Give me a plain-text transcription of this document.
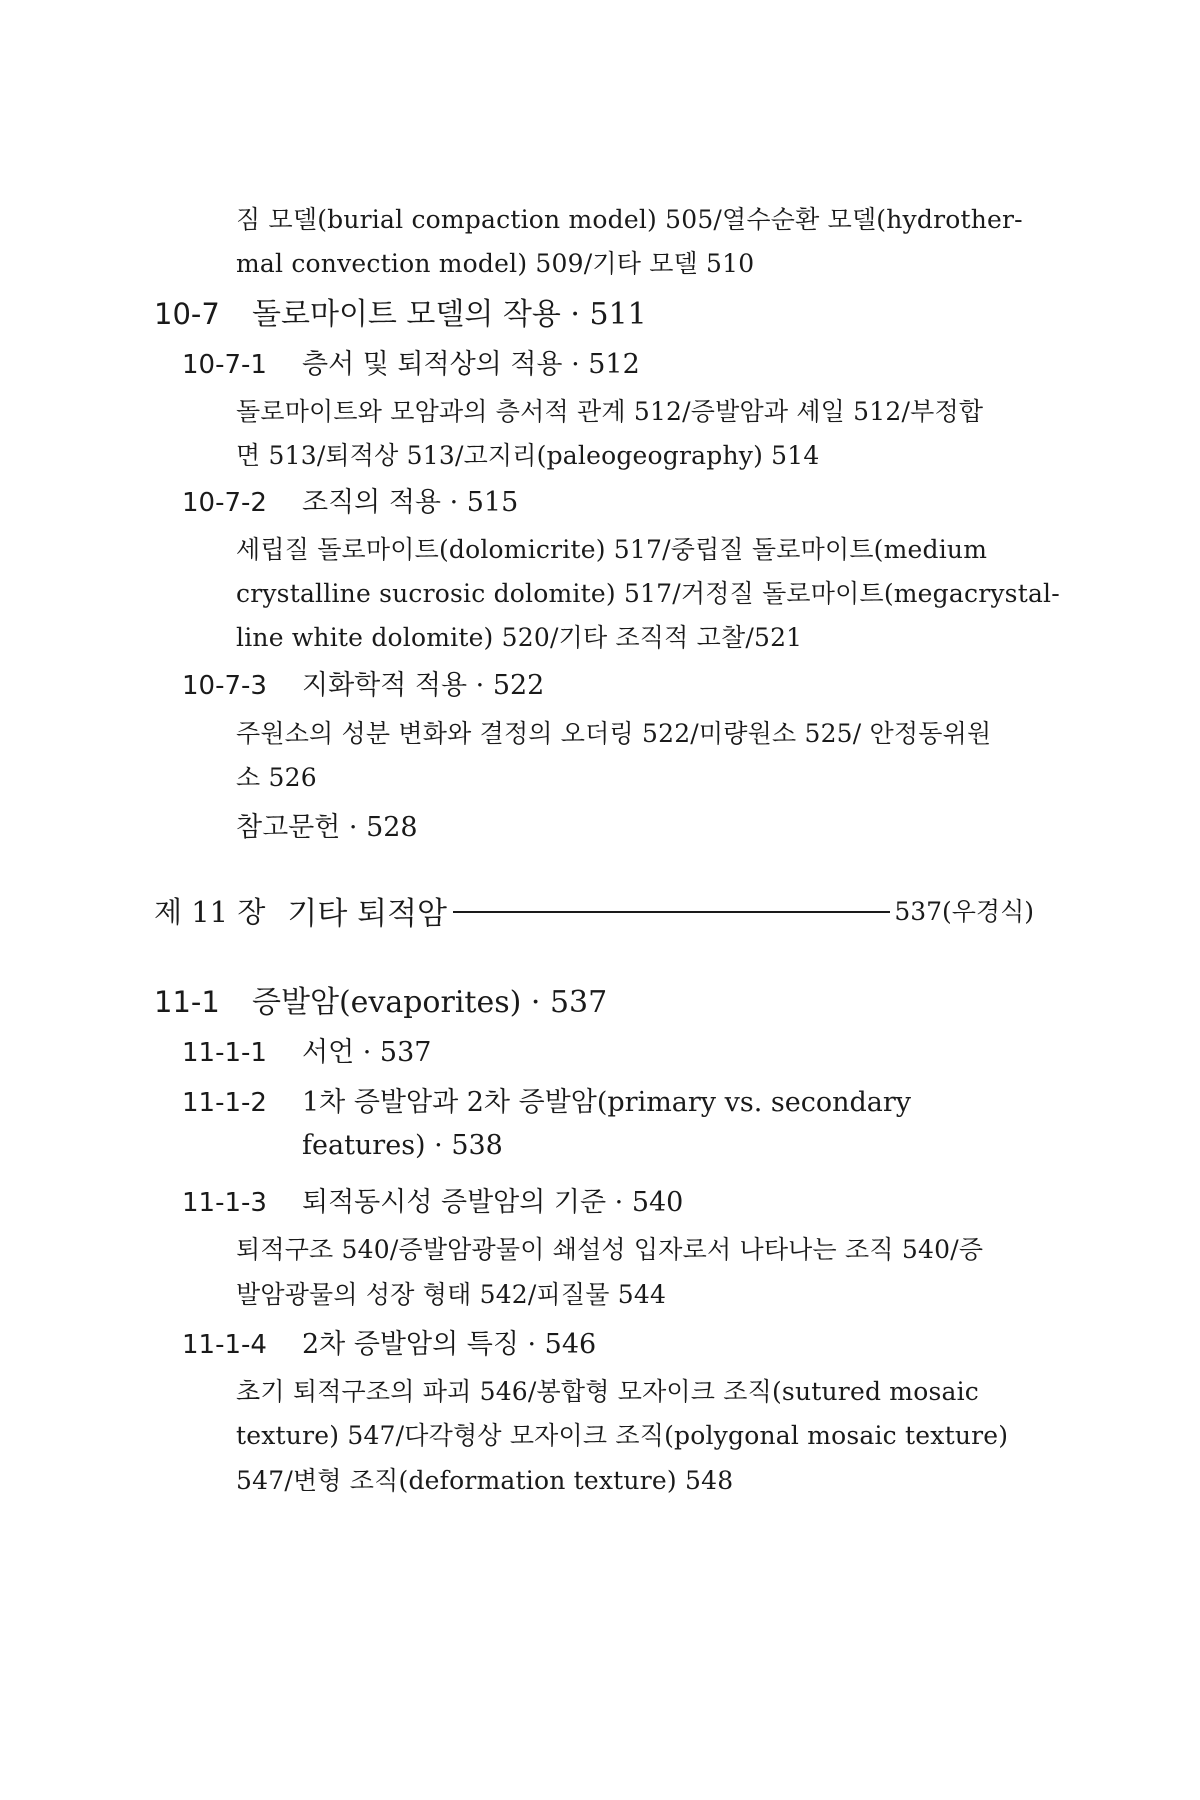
짐 모델(burial compaction model) 505/열수순환 모델(hydrother-
mal convection model) 509/기타 모델 510
10-7 돌로마이트 모델의 작용 · 511
10-7-1 층서 및 퇴적상의 적용 · 512
돌로마이트와 모암과의 층서적 관계 512/증발암과 셰일 512/부정합
면 513/퇴적상 513/고지리(paleogeography) 514
10-7-2 조직의 적용 · 515
세립질 돌로마이트(dolomicrite) 517/중립질 돌로마이트(medium
crystalline sucrosic dolomite) 517/거정질 돌로마이트(megacrystal-
line white dolomite) 520/기타 조직적 고찰/521
10-7-3 지화학적 적용 · 522
주원소의 성분 변화와 결정의 오더링 522/미량원소 525/ 안정동위원
소 526
참고문헌 · 528
제 11 장 기타 퇴적암	537(우경식)
11-1 증발암(evaporites) · 537
11-1-1 서언 · 537
11-1-2 1차 증발암과 2차 증발암(primary vs. secondary
features) · 538
11-1-3 퇴적동시성 증발암의 기준 · 540
퇴적구조 540/증발암광물이 쇄설성 입자로서 나타나는 조직 540/증
발암광물의 성장 형태 542/피질물 544
11-1-4 2차 증발암의 특징 · 546
초기 퇴적구조의 파괴 546/봉합형 모자이크 조직(sutured mosaic
texture) 547/다각형상 모자이크 조직(polygonal mosaic texture)
547/변형 조직(deformation texture) 548
